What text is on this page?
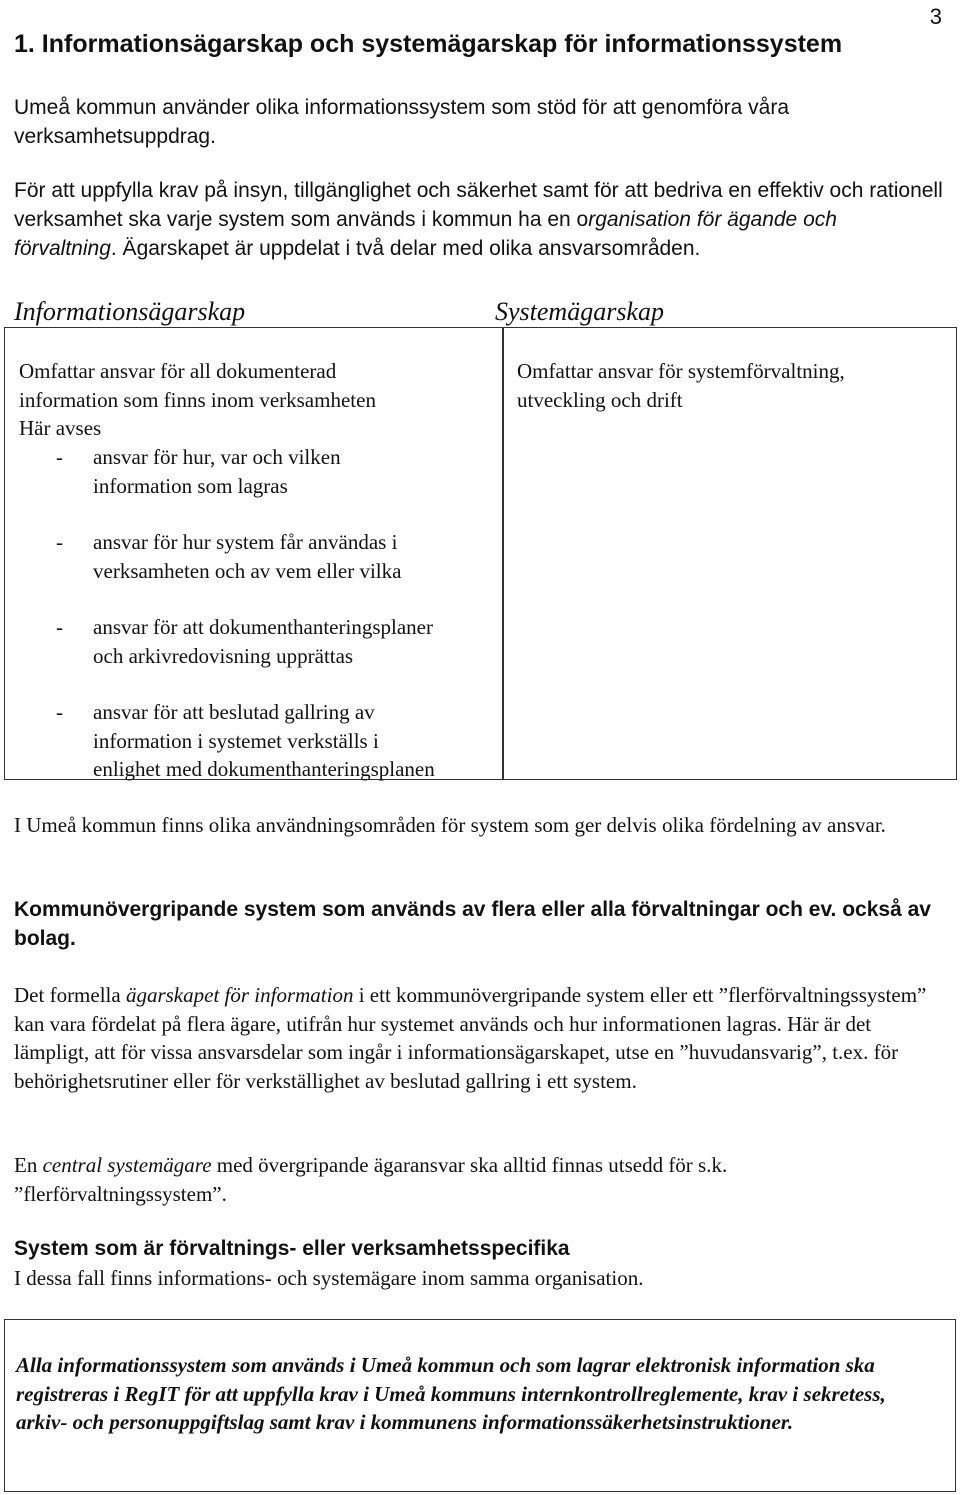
3
1. Informationsägarskap och systemägarskap för informationssystem
Umeå kommun använder olika informationssystem som stöd för att genomföra våra verksamhetsuppdrag.
För att uppfylla krav på insyn, tillgänglighet och säkerhet samt för att bedriva en effektiv och rationell verksamhet ska varje system som används i kommun ha en organisation för ägande och förvaltning. Ägarskapet är uppdelat i två delar med olika ansvarsområden.
Informationsägarskap
Omfattar ansvar för all dokumenterad
information som finns inom verksamheten
Här avses
- ansvar för hur, var och vilken
information som lagras
- ansvar för hur system får användas i
verksamheten och av vem eller vilka
- ansvar för att dokumenthanteringsplaner
och arkivredovisning upprättas
- ansvar för att beslutad gallring av
information i systemet verkställs i
enlighet med dokumenthanteringsplanen
Systemägarskap
Omfattar ansvar för systemförvaltning,
utveckling och drift
I Umeå kommun finns olika användningsområden för system som ger delvis olika fördelning av ansvar.
Kommunövergripande system som används av flera eller alla förvaltningar och ev. också av bolag.
Det formella ägarskapet för information i ett kommunövergripande system eller ett ”flerförvaltningssystem” kan vara fördelat på flera ägare, utifrån hur systemet används och hur informationen lagras. Här är det lämpligt, att för vissa ansvarsdelar som ingår i informationsägarskapet, utse en ”huvudansvarig”, t.ex. för behörighetsrutiner eller för verkställighet av beslutad gallring i ett system.
En central systemägare med övergripande ägaransvar ska alltid finnas utsedd för s.k. ”flerförvaltningssystem”.
System som är förvaltnings- eller verksamhetsspecifika
I dessa fall finns informations- och systemägare inom samma organisation.
Alla informationssystem som används i Umeå kommun och som lagrar elektronisk information ska registreras i RegIT för att uppfylla krav i Umeå kommuns internkontrollreglemente, krav i sekretess, arkiv- och personuppgiftslag samt krav i kommunens informationssäkerhetsinstruktioner.
